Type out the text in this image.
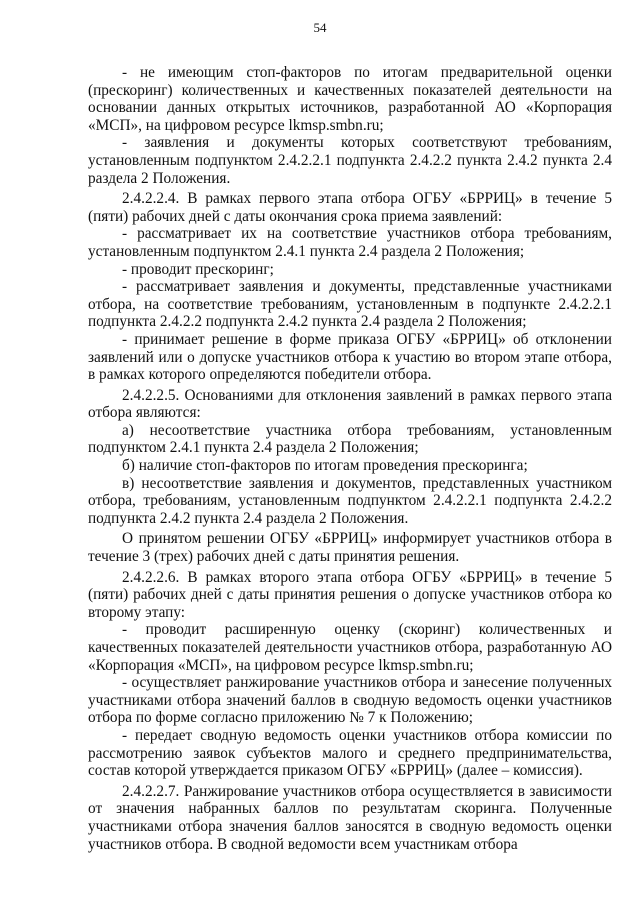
54

- не имеющим стоп-факторов по итогам предварительной оценки (прескоринг) количественных и качественных показателей деятельности на основании данных открытых источников, разработанной АО «Корпорация «МСП», на цифровом ресурсе lkmsp.smbn.ru;

- заявления и документы которых соответствуют требованиям, установленным подпунктом 2.4.2.2.1 подпункта 2.4.2.2 пункта 2.4.2 пункта 2.4 раздела 2 Положения.

2.4.2.2.4. В рамках первого этапа отбора ОГБУ «БРРИЦ» в течение 5 (пяти) рабочих дней с даты окончания срока приема заявлений:

- рассматривает их на соответствие участников отбора требованиям, установленным подпунктом 2.4.1 пункта 2.4 раздела 2 Положения;

- проводит прескоринг;

- рассматривает заявления и документы, представленные участниками отбора, на соответствие требованиям, установленным в подпункте 2.4.2.2.1 подпункта 2.4.2.2 подпункта 2.4.2 пункта 2.4 раздела 2 Положения;

- принимает решение в форме приказа ОГБУ «БРРИЦ» об отклонении заявлений или о допуске участников отбора к участию во втором этапе отбора, в рамках которого определяются победители отбора.

2.4.2.2.5. Основаниями для отклонения заявлений в рамках первого этапа отбора являются:

а) несоответствие участника отбора требованиям, установленным подпунктом 2.4.1 пункта 2.4 раздела 2 Положения;

б) наличие стоп-факторов по итогам проведения прескоринга;

в) несоответствие заявления и документов, представленных участником отбора, требованиям, установленным подпунктом 2.4.2.2.1 подпункта 2.4.2.2 подпункта 2.4.2 пункта 2.4 раздела 2 Положения.

О принятом решении ОГБУ «БРРИЦ» информирует участников отбора в течение 3 (трех) рабочих дней с даты принятия решения.

2.4.2.2.6. В рамках второго этапа отбора ОГБУ «БРРИЦ» в течение 5 (пяти) рабочих дней с даты принятия решения о допуске участников отбора ко второму этапу:

- проводит расширенную оценку (скоринг) количественных и качественных показателей деятельности участников отбора, разработанную АО «Корпорация «МСП», на цифровом ресурсе lkmsp.smbn.ru;

- осуществляет ранжирование участников отбора и занесение полученных участниками отбора значений баллов в сводную ведомость оценки участников отбора по форме согласно приложению № 7 к Положению;

- передает сводную ведомость оценки участников отбора комиссии по рассмотрению заявок субъектов малого и среднего предпринимательства, состав которой утверждается приказом ОГБУ «БРРИЦ» (далее – комиссия).

2.4.2.2.7. Ранжирование участников отбора осуществляется в зависимости от значения набранных баллов по результатам скоринга. Полученные участниками отбора значения баллов заносятся в сводную ведомость оценки участников отбора. В сводной ведомости всем участникам отбора
